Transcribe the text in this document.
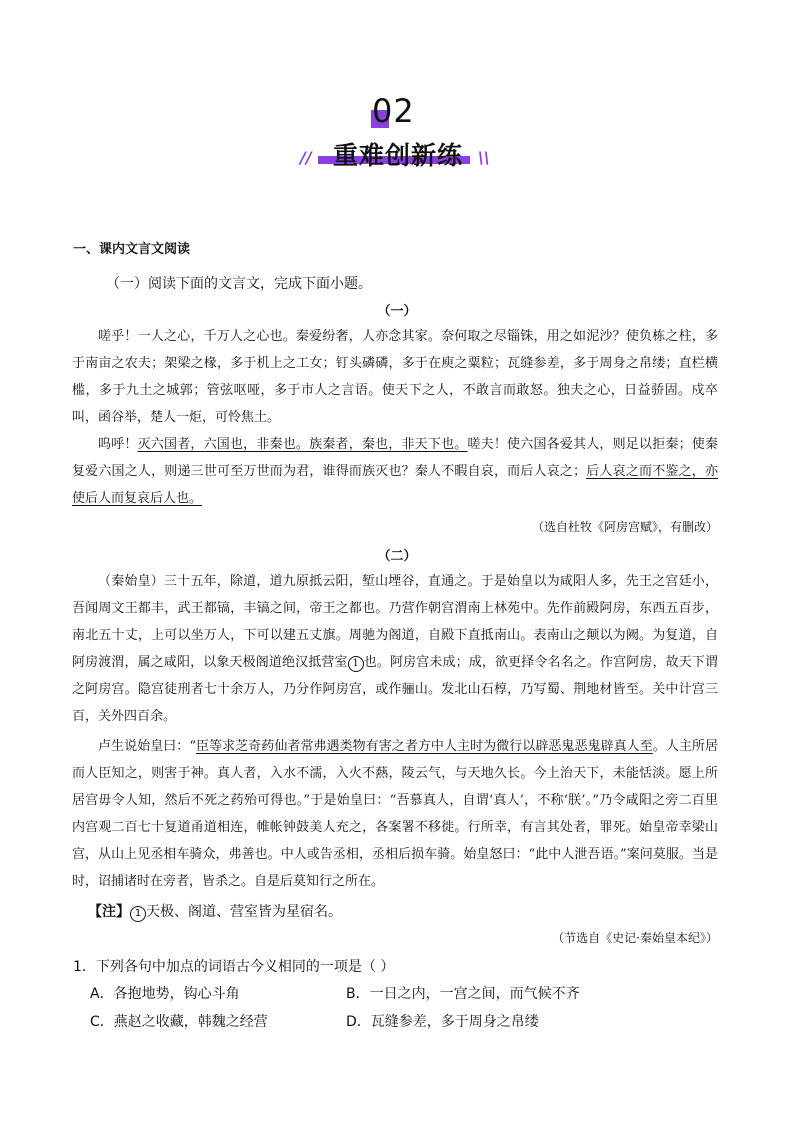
02
// 重难创新练 \\
一、课内文言文阅读
（一）阅读下面的文言文，完成下面小题。
（一）

嗟乎！一人之心，千万人之心也。秦爱纷奢，人亦念其家。奈何取之尽锱铢，用之如泥沙？使负栋之柱，多于南亩之农夫；架梁之椽，多于机上之工女；钉头磷磷，多于在庾之粟粒；瓦缝参差，多于周身之帛缕；直栏横槛，多于九土之城郭；管弦呕哑，多于市人之言语。使天下之人，不敢言而敢怒。独夫之心，日益骄固。戍卒叫，函谷举，楚人一炬，可怜焦土。

呜呼！灭六国者，六国也，非秦也。族秦者，秦也，非天下也。嗟夫！使六国各爱其人，则足以拒秦；使秦复爱六国之人，则递三世可至万世而为君，谁得而族灭也？秦人不暇自哀，而后人哀之；后人哀之而不鉴之，亦使后人而复哀后人也。

（选自杜牧《阿房宫赋》，有删改）
（二）

（秦始皇）三十五年，除道，道九原抵云阳，堑山堙谷，直通之。于是始皇以为咸阳人多，先王之宫廷小，吾闻周文王都丰，武王都镐，丰镐之间，帝王之都也。乃营作朝宫渭南上林苑中。先作前殿阿房，东西五百步，南北五十丈，上可以坐万人，下可以建五丈旗。周驰为阁道，自殿下直抵南山。表南山之颠以为阙。为复道，自阿房渡渭，属之咸阳，以象天极阁道绝汉抵营室 1 也。阿房宫未成；成，欲更择令名名之。作宫阿房，故天下谓之阿房宫。隐宫徒刑者七十余万人，乃分作阿房宫，或作骊山。发北山石椁，乃写蜀、荆地材皆至。关中计宫三百，关外四百余。

卢生说始皇曰：“臣等求芝奇药仙者常弗遇类物有害之者方中人主时为微行以辟恶鬼恶鬼辟真人至。人主所居而人臣知之，则害于神。真人者，入水不濡，入火不爇，陵云气，与天地久长。今上治天下，未能恬淡。愿上所居宫毋令人知，然后不死之药殆可得也。”于是始皇曰：“吾慕真人，自谓‘真人’，不称‘朕’。”乃令咸阳之旁二百里内宫观二百七十复道甬道相连，帷帐钟鼓美人充之，各案署不移徙。行所幸，有言其处者，罪死。始皇帝幸梁山宫，从山上见丞相车骑众，弗善也。中人或告丞相，丞相后损车骑。始皇怒曰：“此中人泄吾语。”案问莫服。当是时，诏捕诸时在旁者，皆杀之。自是后莫知行之所在。

【注】 1 天极、阁道、营室皆为星宿名。
（节选自《史记·秦始皇本纪》）
1．下列各句中加点的词语古今义相同的一项是（ ）
A．各抱地势，钩心斗角	B．一日之内，一宫之间，而气候不齐
C．燕赵之收藏，韩魏之经营	D．瓦缝参差，多于周身之帛缕
